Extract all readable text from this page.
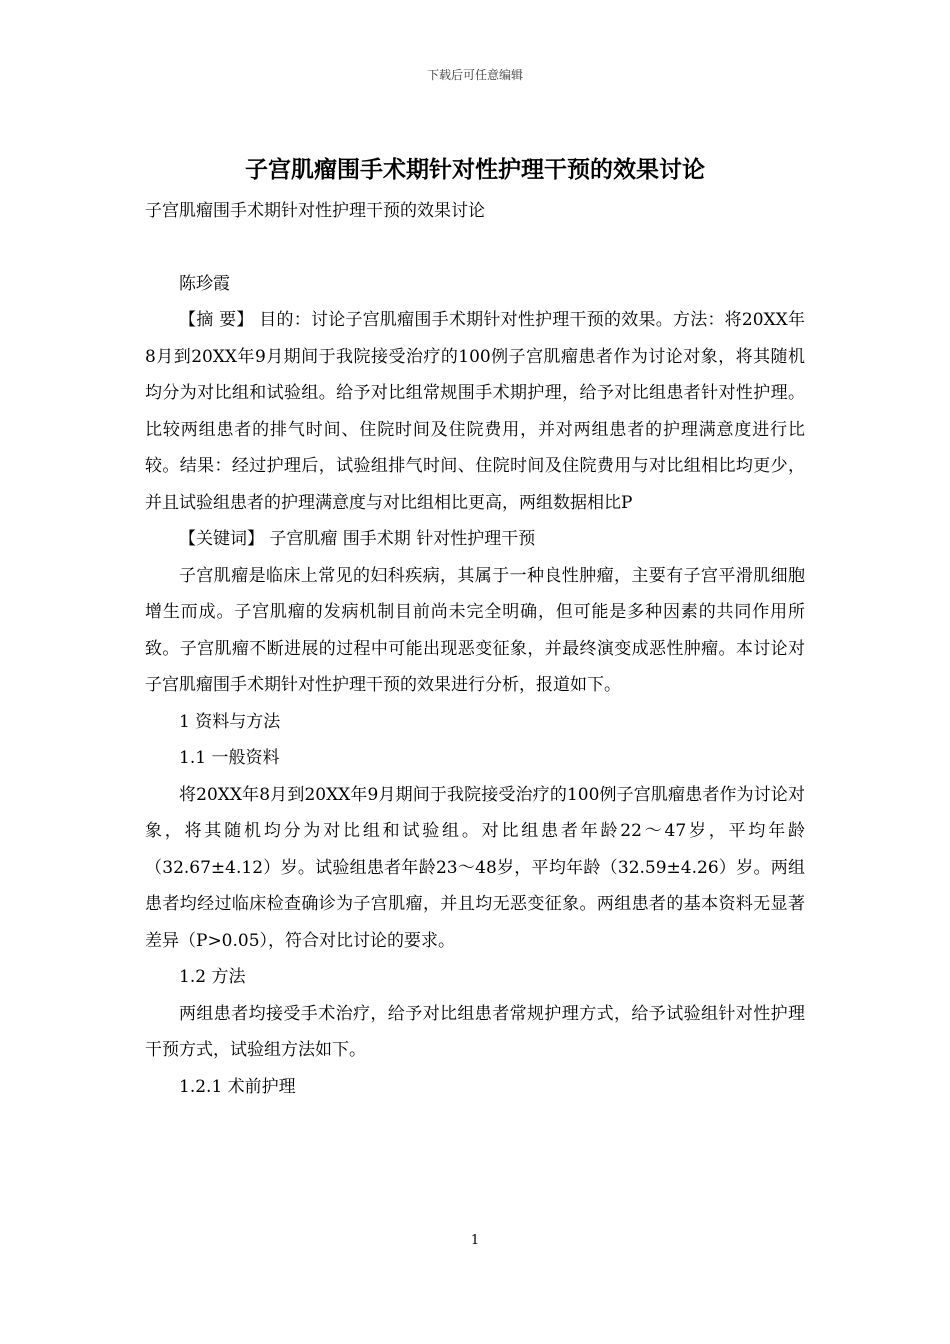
下载后可任意编辑
子宫肌瘤围手术期针对性护理干预的效果讨论

子宫肌瘤围手术期针对性护理干预的效果讨论

陈珍霞

【摘 要】 目的：讨论子宫肌瘤围手术期针对性护理干预的效果。方法：将20XX年8月到20XX年9月期间于我院接受治疗的100例子宫肌瘤患者作为讨论对象，将其随机均分为对比组和试验组。给予对比组常规围手术期护理，给予对比组患者针对性护理。比较两组患者的排气时间、住院时间及住院费用，并对两组患者的护理满意度进行比较。结果：经过护理后，试验组排气时间、住院时间及住院费用与对比组相比均更少，并且试验组患者的护理满意度与对比组相比更高，两组数据相比P

【关键词】 子宫肌瘤 围手术期 针对性护理干预

子宫肌瘤是临床上常见的妇科疾病，其属于一种良性肿瘤，主要有子宫平滑肌细胞增生而成。子宫肌瘤的发病机制目前尚未完全明确，但可能是多种因素的共同作用所致。子宫肌瘤不断进展的过程中可能出现恶变征象，并最终演变成恶性肿瘤。本讨论对子宫肌瘤围手术期针对性护理干预的效果进行分析，报道如下。

1 资料与方法

1.1 一般资料

将20XX年8月到20XX年9月期间于我院接受治疗的100例子宫肌瘤患者作为讨论对象，将其随机均分为对比组和试验组。对比组患者年龄22～47岁，平均年龄（32.67±4.12）岁。试验组患者年龄23～48岁，平均年龄（32.59±4.26）岁。两组患者均经过临床检查确诊为子宫肌瘤，并且均无恶变征象。两组患者的基本资料无显著差异（P>0.05），符合对比讨论的要求。

1.2 方法

两组患者均接受手术治疗，给予对比组患者常规护理方式，给予试验组针对性护理干预方式，试验组方法如下。

1.2.1 术前护理

1
